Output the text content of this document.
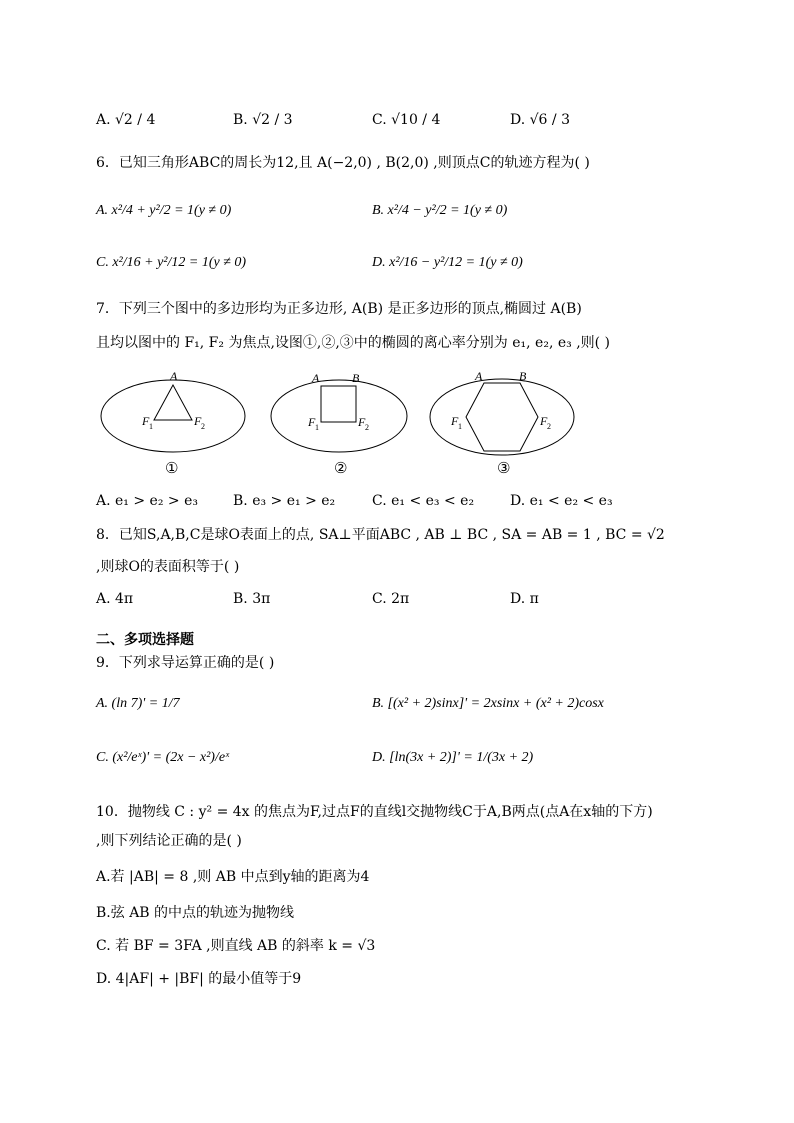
A. √2 / 4	B. √2 / 3	C. √10 / 4	D. √6 / 3
6．已知三角形ABC的周长为12,且 A(−2,0) , B(2,0) ,则顶点C的轨迹方程为( )
A. x²/4 + y²/2 = 1(y ≠ 0)	B. x²/4 − y²/2 = 1(y ≠ 0)
C. x²/16 + y²/12 = 1(y ≠ 0)	D. x²/16 − y²/12 = 1(y ≠ 0)
7．下列三个图中的多边形均为正多边形, A(B) 是正多边形的顶点,椭圆过 A(B)
且均以图中的 F₁, F₂ 为焦点,设图①,②,③中的椭圆的离心率分别为 e₁, e₂, e₃ ,则( )
A
F 1	F 2
①
A	B
F 1	F 2
②
A	B
F 1	F 2
③
A. e₁ > e₂ > e₃	B. e₃ > e₁ > e₂	C. e₁ < e₃ < e₂	D. e₁ < e₂ < e₃
8．已知S,A,B,C是球O表面上的点, SA⊥平面ABC , AB ⊥ BC , SA = AB = 1 , BC = √2
,则球O的表面积等于( )
A. 4π	B. 3π	C. 2π	D. π
二、多项选择题
9．下列求导运算正确的是( )
A. (ln 7)' = 1/7	B. [(x² + 2)sinx]' = 2xsinx + (x² + 2)cosx
C. (x²/eˣ)' = (2x − x²)/eˣ	D. [ln(3x + 2)]' = 1/(3x + 2)
10．抛物线 C : y² = 4x 的焦点为F,过点F的直线l交抛物线C于A,B两点(点A在x轴的下方)
,则下列结论正确的是( )
A.若 |AB| = 8 ,则 AB 中点到y轴的距离为4
B.弦 AB 的中点的轨迹为抛物线
C. 若 BF = 3FA ,则直线 AB 的斜率 k = √3
D. 4|AF| + |BF| 的最小值等于9
